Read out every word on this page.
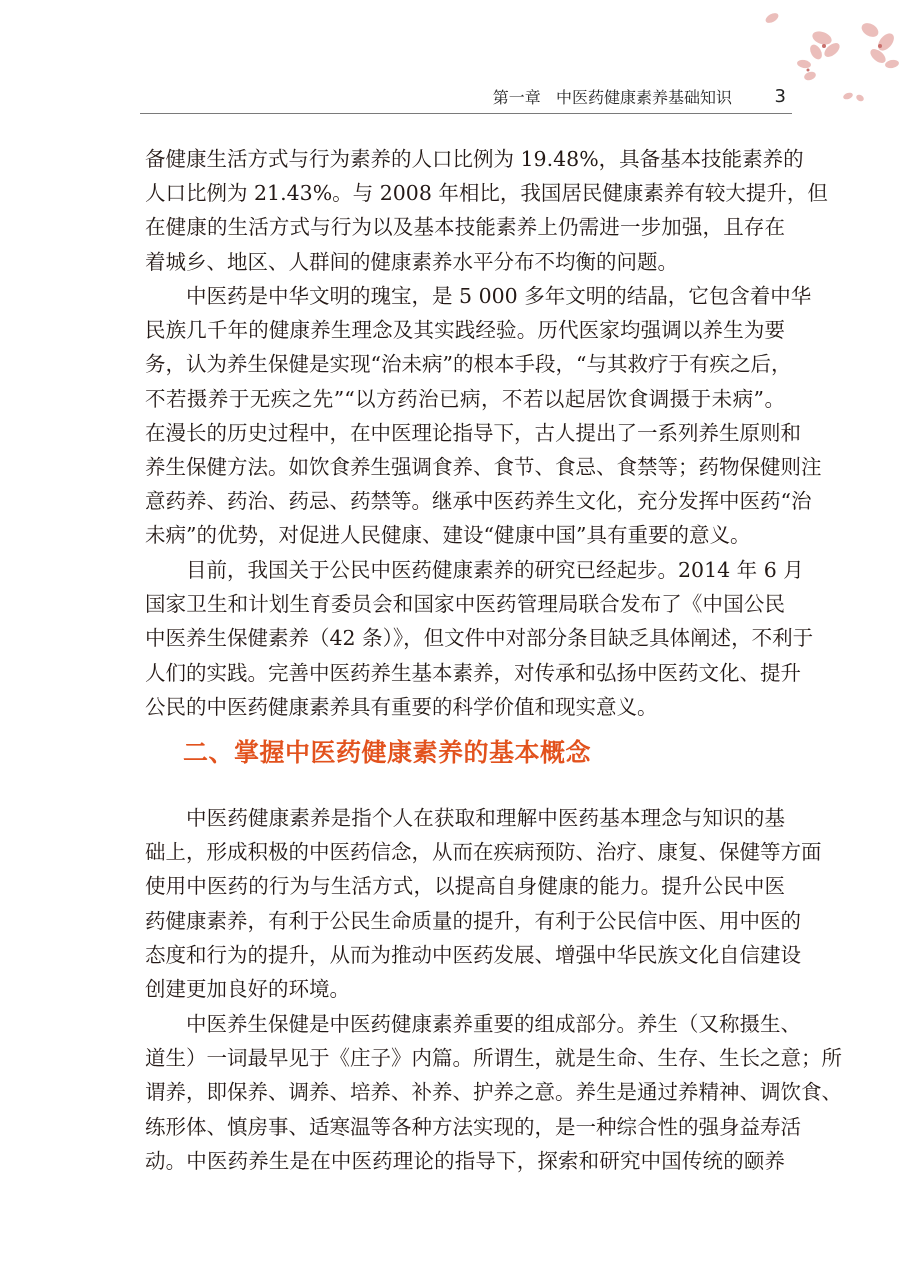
第一章   中医药健康素养基础知识 3
备健康生活方式与行为素养的人口比例为 19.48%，具备基本技能素养的
人口比例为 21.43%。与 2008 年相比，我国居民健康素养有较大提升，但
在健康的生活方式与行为以及基本技能素养上仍需进一步加强，且存在
着城乡、地区、人群间的健康素养水平分布不均衡的问题。
中医药是中华文明的瑰宝，是 5 000 多年文明的结晶，它包含着中华
民族几千年的健康养生理念及其实践经验。历代医家均强调以养生为要
务，认为养生保健是实现“治未病”的根本手段，“与其救疗于有疾之后，
不若摄养于无疾之先”“以方药治已病，不若以起居饮食调摄于未病”。
在漫长的历史过程中，在中医理论指导下，古人提出了一系列养生原则和
养生保健方法。如饮食养生强调食养、食节、食忌、食禁等；药物保健则注
意药养、药治、药忌、药禁等。继承中医药养生文化，充分发挥中医药“治
未病”的优势，对促进人民健康、建设“健康中国”具有重要的意义。
目前，我国关于公民中医药健康素养的研究已经起步。2014 年 6 月
国家卫生和计划生育委员会和国家中医药管理局联合发布了《中国公民
中医养生保健素养（42 条）》，但文件中对部分条目缺乏具体阐述，不利于
人们的实践。完善中医药养生基本素养，对传承和弘扬中医药文化、提升
公民的中医药健康素养具有重要的科学价值和现实意义。
二、掌握中医药健康素养的基本概念
中医药健康素养是指个人在获取和理解中医药基本理念与知识的基
础上，形成积极的中医药信念，从而在疾病预防、治疗、康复、保健等方面
使用中医药的行为与生活方式，以提高自身健康的能力。提升公民中医
药健康素养，有利于公民生命质量的提升，有利于公民信中医、用中医的
态度和行为的提升，从而为推动中医药发展、增强中华民族文化自信建设
创建更加良好的环境。
中医养生保健是中医药健康素养重要的组成部分。养生（又称摄生、
道生）一词最早见于《庄子》内篇。所谓生，就是生命、生存、生长之意；所
谓养，即保养、调养、培养、补养、护养之意。养生是通过养精神、调饮食、
练形体、慎房事、适寒温等各种方法实现的，是一种综合性的强身益寿活
动。中医药养生是在中医药理论的指导下，探索和研究中国传统的颐养
